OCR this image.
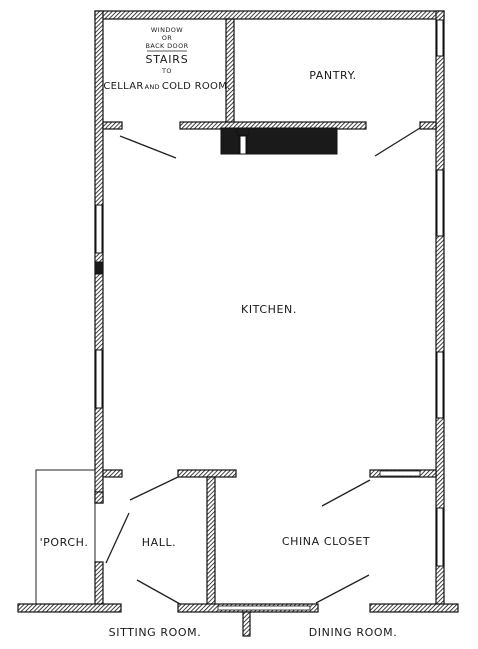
WINDOW
OR
BACK DOOR
STAIRS
TO
CELLARAND COLD ROOM.
PANTRY.
KITCHEN.
'PORCH.	HALL.	CHINA CLOSET
SITTING ROOM.	DINING ROOM.
